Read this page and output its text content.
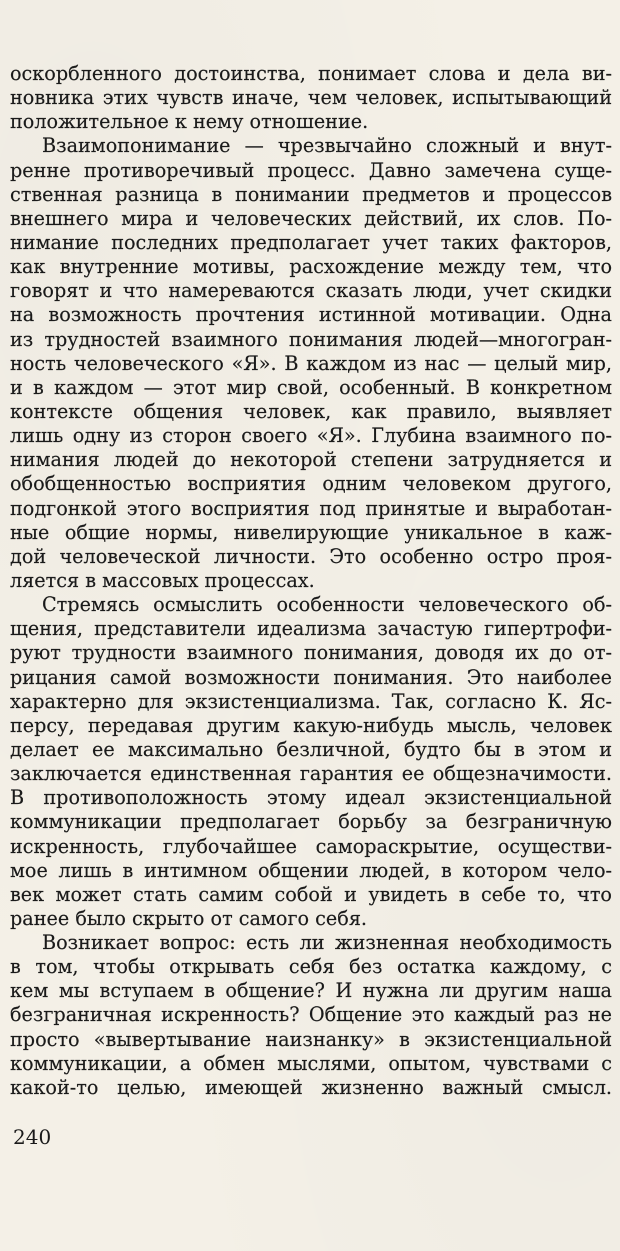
оскорбленного достоинства, понимает слова и дела ви-
новника этих чувств иначе, чем человек, испытывающий
положительное к нему отношение.
Взаимопонимание — чрезвычайно сложный и внут-
ренне противоречивый процесс. Давно замечена суще-
ственная разница в понимании предметов и процессов
внешнего мира и человеческих действий, их слов. По-
нимание последних предполагает учет таких факторов,
как внутренние мотивы, расхождение между тем, что
говорят и что намереваются сказать люди, учет скидки
на возможность прочтения истинной мотивации. Одна
из трудностей взаимного понимания людей—многогран-
ность человеческого «Я». В каждом из нас — целый мир,
и в каждом — этот мир свой, особенный. В конкретном
контексте общения человек, как правило, выявляет
лишь одну из сторон своего «Я». Глубина взаимного по-
нимания людей до некоторой степени затрудняется и
обобщенностью восприятия одним человеком другого,
подгонкой этого восприятия под принятые и выработан-
ные общие нормы, нивелирующие уникальное в каж-
дой человеческой личности. Это особенно остро проя-
ляется в массовых процессах.
Стремясь осмыслить особенности человеческого об-
щения, представители идеализма зачастую гипертрофи-
руют трудности взаимного понимания, доводя их до от-
рицания самой возможности понимания. Это наиболее
характерно для экзистенциализма. Так, согласно К. Яс-
персу, передавая другим какую-нибудь мысль, человек
делает ее максимально безличной, будто бы в этом и
заключается единственная гарантия ее общезначимости.
В противоположность этому идеал экзистенциальной
коммуникации предполагает борьбу за безграничную
искренность, глубочайшее самораскрытие, осуществи-
мое лишь в интимном общении людей, в котором чело-
век может стать самим собой и увидеть в себе то, что
ранее было скрыто от самого себя.
Возникает вопрос: есть ли жизненная необходимость
в том, чтобы открывать себя без остатка каждому, с
кем мы вступаем в общение? И нужна ли другим наша
безграничная искренность? Общение это каждый раз не
просто «вывертывание наизнанку» в экзистенциальной
коммуникации, а обмен мыслями, опытом, чувствами с
какой-то целью, имеющей жизненно важный смысл.
240
